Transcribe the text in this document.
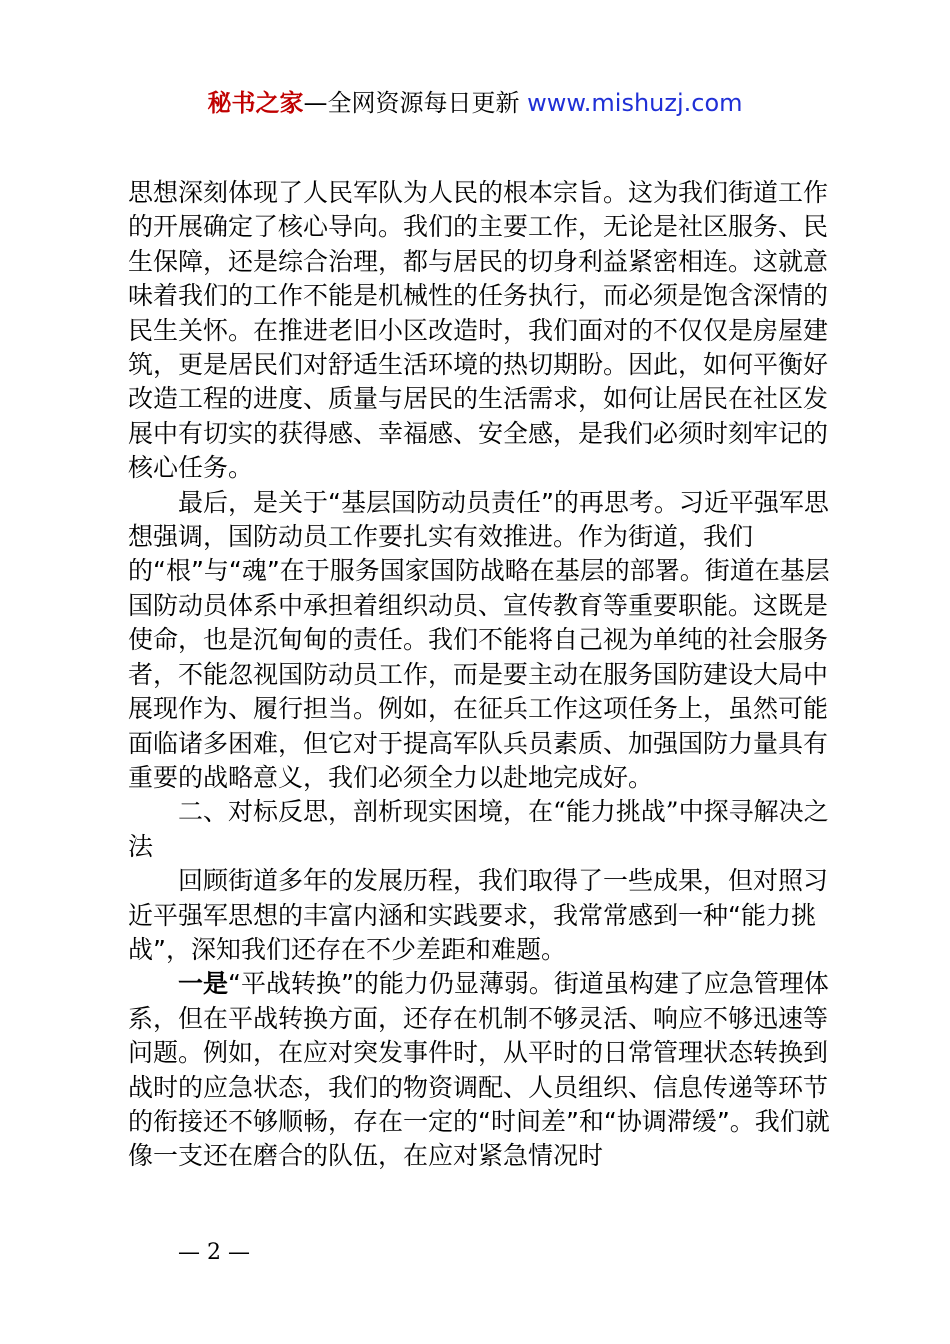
秘书之家—全网资源每日更新 www.mishuzj.com

思想深刻体现了人民军队为人民的根本宗旨。这为我们街道工作的开展确定了核心导向。我们的主要工作，无论是社区服务、民生保障，还是综合治理，都与居民的切身利益紧密相连。这就意味着我们的工作不能是机械性的任务执行，而必须是饱含深情的民生关怀。在推进老旧小区改造时，我们面对的不仅仅是房屋建筑，更是居民们对舒适生活环境的热切期盼。因此，如何平衡好改造工程的进度、质量与居民的生活需求，如何让居民在社区发展中有切实的获得感、幸福感、安全感，是我们必须时刻牢记的核心任务。

最后，是关于“基层国防动员责任”的再思考。习近平强军思想强调，国防动员工作要扎实有效推进。作为街道，我们的“根”与“魂”在于服务国家国防战略在基层的部署。街道在基层国防动员体系中承担着组织动员、宣传教育等重要职能。这既是使命，也是沉甸甸的责任。我们不能将自己视为单纯的社会服务者，不能忽视国防动员工作，而是要主动在服务国防建设大局中展现作为、履行担当。例如，在征兵工作这项任务上，虽然可能面临诸多困难，但它对于提高军队兵员素质、加强国防力量具有重要的战略意义，我们必须全力以赴地完成好。

二、对标反思，剖析现实困境，在“能力挑战”中探寻解决之法

回顾街道多年的发展历程，我们取得了一些成果，但对照习近平强军思想的丰富内涵和实践要求，我常常感到一种“能力挑战”，深知我们还存在不少差距和难题。

一是“平战转换”的能力仍显薄弱。街道虽构建了应急管理体系，但在平战转换方面，还存在机制不够灵活、响应不够迅速等问题。例如，在应对突发事件时，从平时的日常管理状态转换到战时的应急状态，我们的物资调配、人员组织、信息传递等环节的衔接还不够顺畅，存在一定的“时间差”和“协调滞缓”。我们就像一支还在磨合的队伍，在应对紧急情况时

— 2 —
